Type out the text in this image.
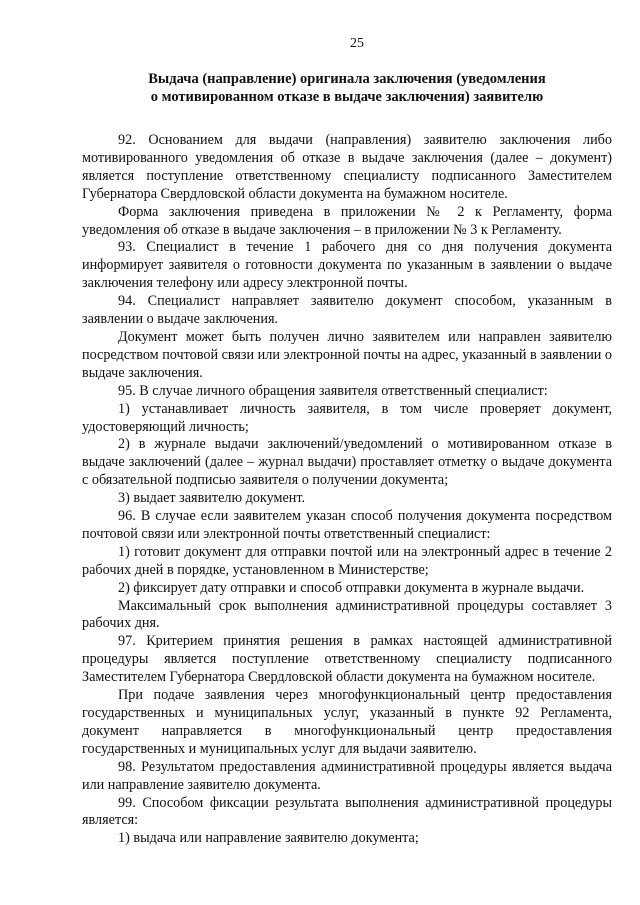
25
Выдача (направление) оригинала заключения (уведомления
о мотивированном отказе в выдаче заключения) заявителю

92. Основанием для выдачи (направления) заявителю заключения либо мотивированного уведомления об отказе в выдаче заключения (далее – документ) является поступление ответственному специалисту подписанного Заместителем Губернатора Свердловской области документа на бумажном носителе.

Форма заключения приведена в приложении № 2 к Регламенту, форма уведомления об отказе в выдаче заключения – в приложении № 3 к Регламенту.

93. Специалист в течение 1 рабочего дня со дня получения документа информирует заявителя о готовности документа по указанным в заявлении о выдаче заключения телефону или адресу электронной почты.

94. Специалист направляет заявителю документ способом, указанным в заявлении о выдаче заключения.

Документ может быть получен лично заявителем или направлен заявителю посредством почтовой связи или электронной почты на адрес, указанный в заявлении о выдаче заключения.

95. В случае личного обращения заявителя ответственный специалист:

1) устанавливает личность заявителя, в том числе проверяет документ, удостоверяющий личность;

2) в журнале выдачи заключений/уведомлений о мотивированном отказе в выдаче заключений (далее – журнал выдачи) проставляет отметку о выдаче документа с обязательной подписью заявителя о получении документа;

3) выдает заявителю документ.

96. В случае если заявителем указан способ получения документа посредством почтовой связи или электронной почты ответственный специалист:

1) готовит документ для отправки почтой или на электронный адрес в течение 2 рабочих дней в порядке, установленном в Министерстве;

2) фиксирует дату отправки и способ отправки документа в журнале выдачи.

Максимальный срок выполнения административной процедуры составляет 3 рабочих дня.

97. Критерием принятия решения в рамках настоящей административной процедуры является поступление ответственному специалисту подписанного Заместителем Губернатора Свердловской области документа на бумажном носителе.

При подаче заявления через многофункциональный центр предоставления государственных и муниципальных услуг, указанный в пункте 92 Регламента, документ направляется в многофункциональный центр предоставления государственных и муниципальных услуг для выдачи заявителю.

98. Результатом предоставления административной процедуры является выдача или направление заявителю документа.

99. Способом фиксации результата выполнения административной процедуры является:

1) выдача или направление заявителю документа;
